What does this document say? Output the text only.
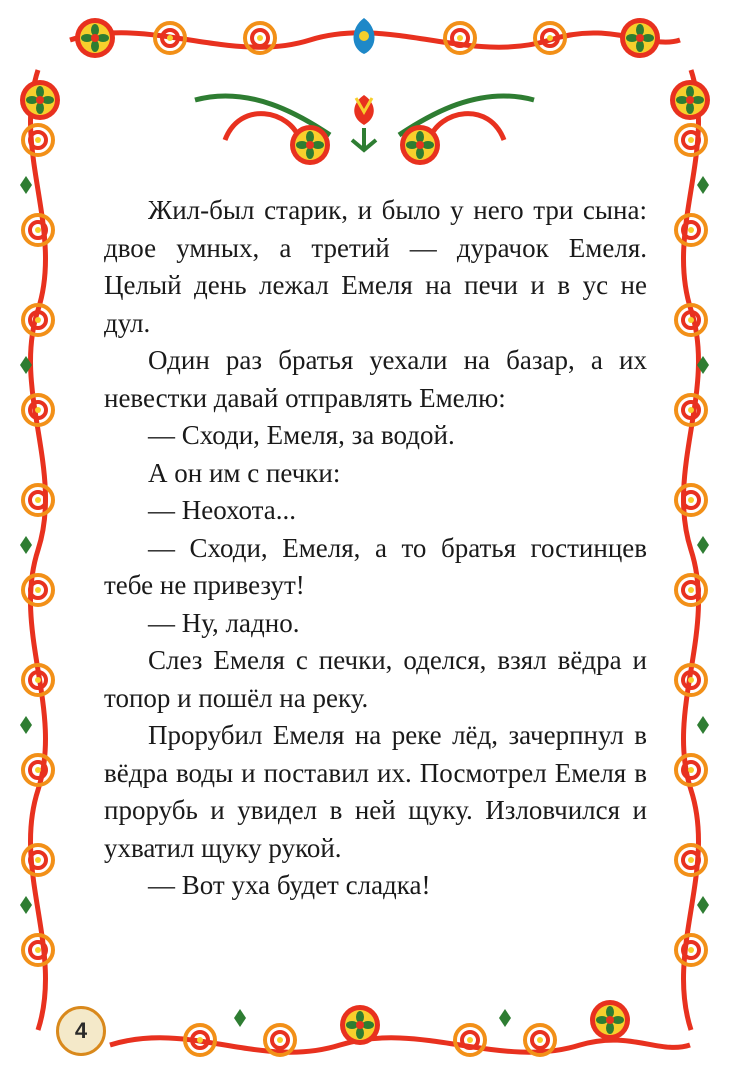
Жил-был старик, и было у него три сына: двое умных, а третий — дурачок Емеля. Целый день лежал Емеля на печи и в ус не дул.

Один раз братья уехали на базар, а их невестки давай отправлять Емелю:

— Сходи, Емеля, за водой.

А он им с печки:

— Неохота...

— Сходи, Емеля, а то братья гостинцев тебе не привезут!

— Ну, ладно.

Слез Емеля с печки, оделся, взял вёдра и топор и пошёл на реку.

Прорубил Емеля на реке лёд, зачерпнул в вёдра воды и поставил их. Посмотрел Емеля в прорубь и увидел в ней щуку. Изловчился и ухватил щуку рукой.

— Вот уха будет сладка!

4
